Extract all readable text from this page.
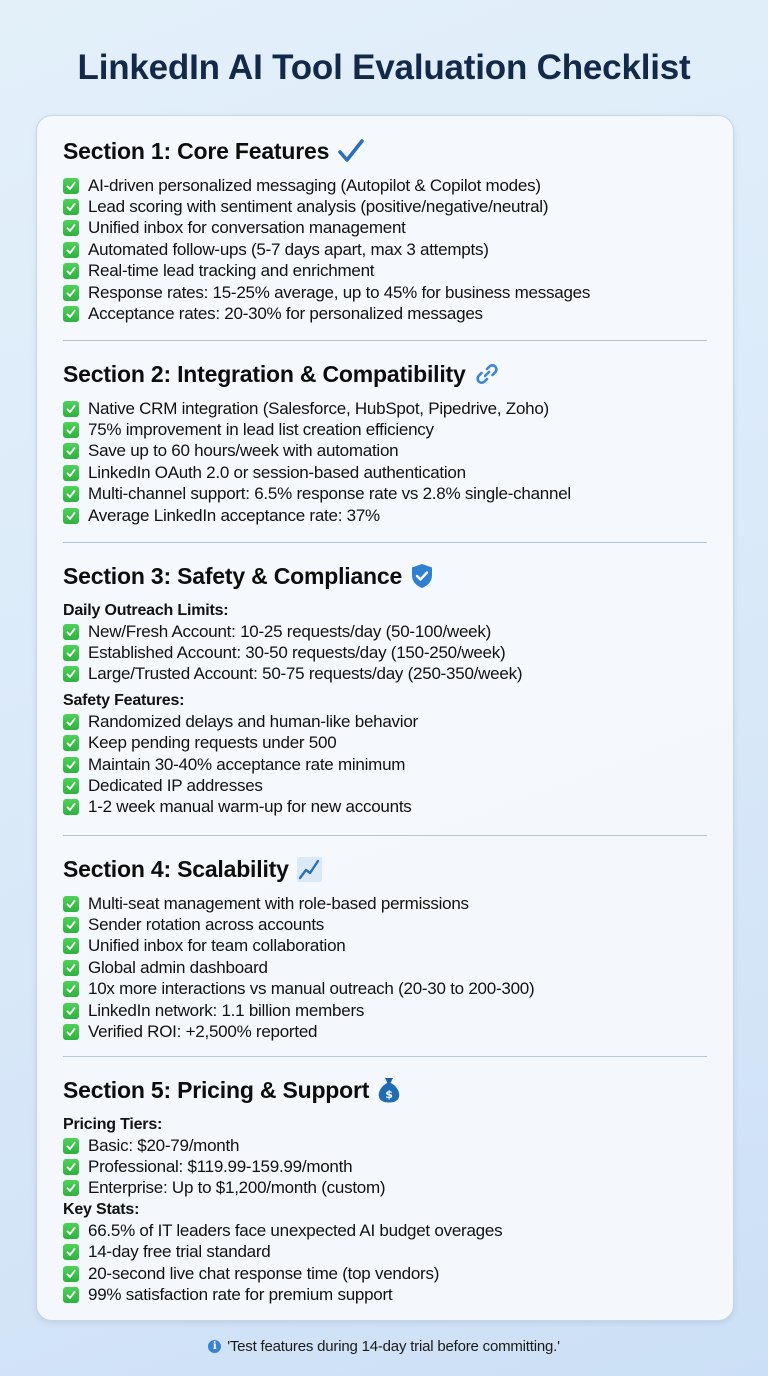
LinkedIn AI Tool Evaluation Checklist
Section 1: Core Features
AI-driven personalized messaging (Autopilot & Copilot modes)
Lead scoring with sentiment analysis (positive/negative/neutral)
Unified inbox for conversation management
Automated follow-ups (5-7 days apart, max 3 attempts)
Real-time lead tracking and enrichment
Response rates: 15-25% average, up to 45% for business messages
Acceptance rates: 20-30% for personalized messages
Section 2: Integration & Compatibility
Native CRM integration (Salesforce, HubSpot, Pipedrive, Zoho)
75% improvement in lead list creation efficiency
Save up to 60 hours/week with automation
LinkedIn OAuth 2.0 or session-based authentication
Multi-channel support: 6.5% response rate vs 2.8% single-channel
Average LinkedIn acceptance rate: 37%
Section 3: Safety & Compliance
Daily Outreach Limits:
New/Fresh Account: 10-25 requests/day (50-100/week)
Established Account: 30-50 requests/day (150-250/week)
Large/Trusted Account: 50-75 requests/day (250-350/week)
Safety Features:
Randomized delays and human-like behavior
Keep pending requests under 500
Maintain 30-40% acceptance rate minimum
Dedicated IP addresses
1-2 week manual warm-up for new accounts
Section 4: Scalability
Multi-seat management with role-based permissions
Sender rotation across accounts
Unified inbox for team collaboration
Global admin dashboard
10x more interactions vs manual outreach (20-30 to 200-300)
LinkedIn network: 1.1 billion members
Verified ROI: +2,500% reported
Section 5: Pricing & Support $
Pricing Tiers:
Basic: $20-79/month
Professional: $119.99-159.99/month
Enterprise: Up to $1,200/month (custom)
Key Stats:
66.5% of IT leaders face unexpected AI budget overages
14-day free trial standard
20-second live chat response time (top vendors)
99% satisfaction rate for premium support
i 'Test features during 14-day trial before committing.'
